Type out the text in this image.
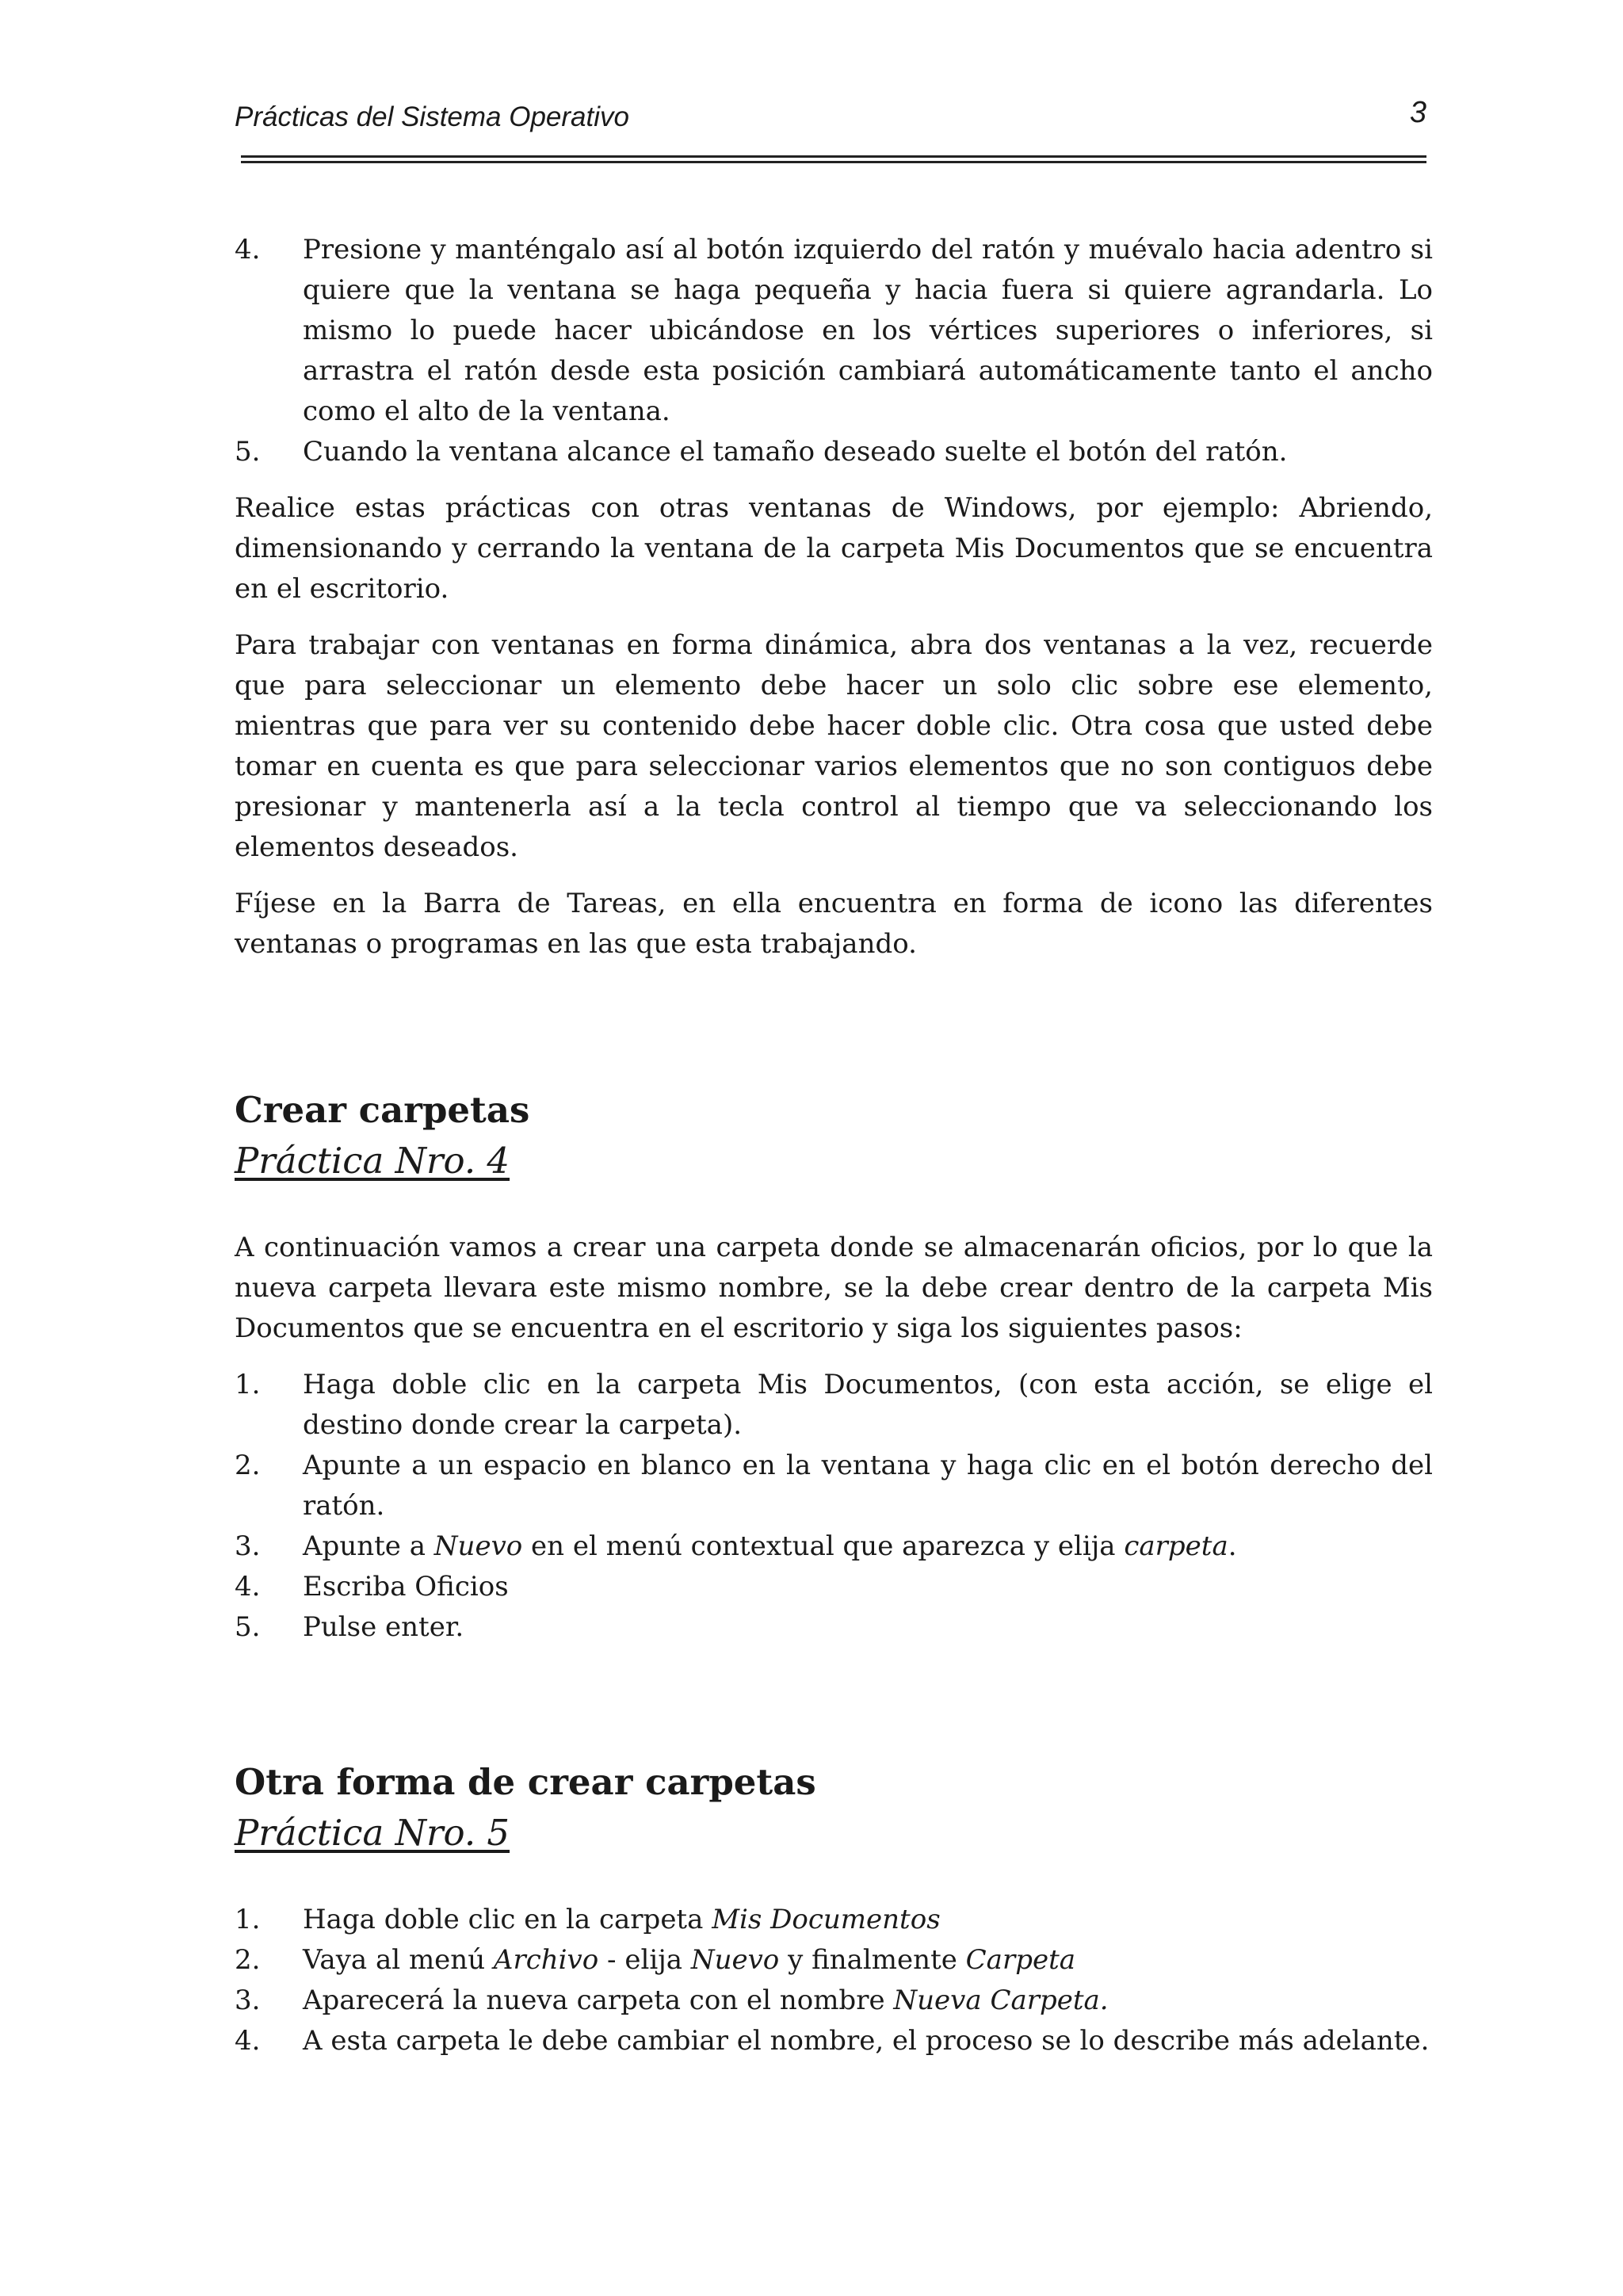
Prácticas del Sistema Operativo	3
4. Presione y manténgalo así al botón izquierdo del ratón y muévalo hacia adentro si quiere que la ventana se haga pequeña y hacia fuera si quiere agrandarla. Lo mismo lo puede hacer ubicándose en los vértices superiores o inferiores, si arrastra el ratón desde esta posición cambiará automáticamente tanto el ancho como el alto de la ventana.
5. Cuando la ventana alcance el tamaño deseado suelte el botón del ratón.

Realice estas prácticas con otras ventanas de Windows, por ejemplo: Abriendo, dimensionando y cerrando la ventana de la carpeta Mis Documentos que se encuentra en el escritorio.

Para trabajar con ventanas en forma dinámica, abra dos ventanas a la vez, recuerde que para seleccionar un elemento debe hacer un solo clic sobre ese elemento, mientras que para ver su contenido debe hacer doble clic. Otra cosa que usted debe tomar en cuenta es que para seleccionar varios elementos que no son contiguos debe presionar y mantenerla así a la tecla control al tiempo que va seleccionando los elementos deseados.

Fíjese en la Barra de Tareas, en ella encuentra en forma de icono las diferentes ventanas o programas en las que esta trabajando.

Crear carpetas
Práctica Nro. 4

A continuación vamos a crear una carpeta donde se almacenarán oficios, por lo que la nueva carpeta llevara este mismo nombre, se la debe crear dentro de la carpeta Mis Documentos que se encuentra en el escritorio y siga los siguientes pasos:

1. Haga doble clic en la carpeta Mis Documentos, (con esta acción, se elige el destino donde crear la carpeta).
2. Apunte a un espacio en blanco en la ventana y haga clic en el botón derecho del ratón.
3. Apunte a Nuevo en el menú contextual que aparezca y elija carpeta.
4. Escriba Oficios
5. Pulse enter.
Otra forma de crear carpetas
Práctica Nro. 5
1. Haga doble clic en la carpeta Mis Documentos
2. Vaya al menú Archivo - elija Nuevo y finalmente Carpeta
3. Aparecerá la nueva carpeta con el nombre Nueva Carpeta.
4. A esta carpeta le debe cambiar el nombre, el proceso se lo describe más adelante.
